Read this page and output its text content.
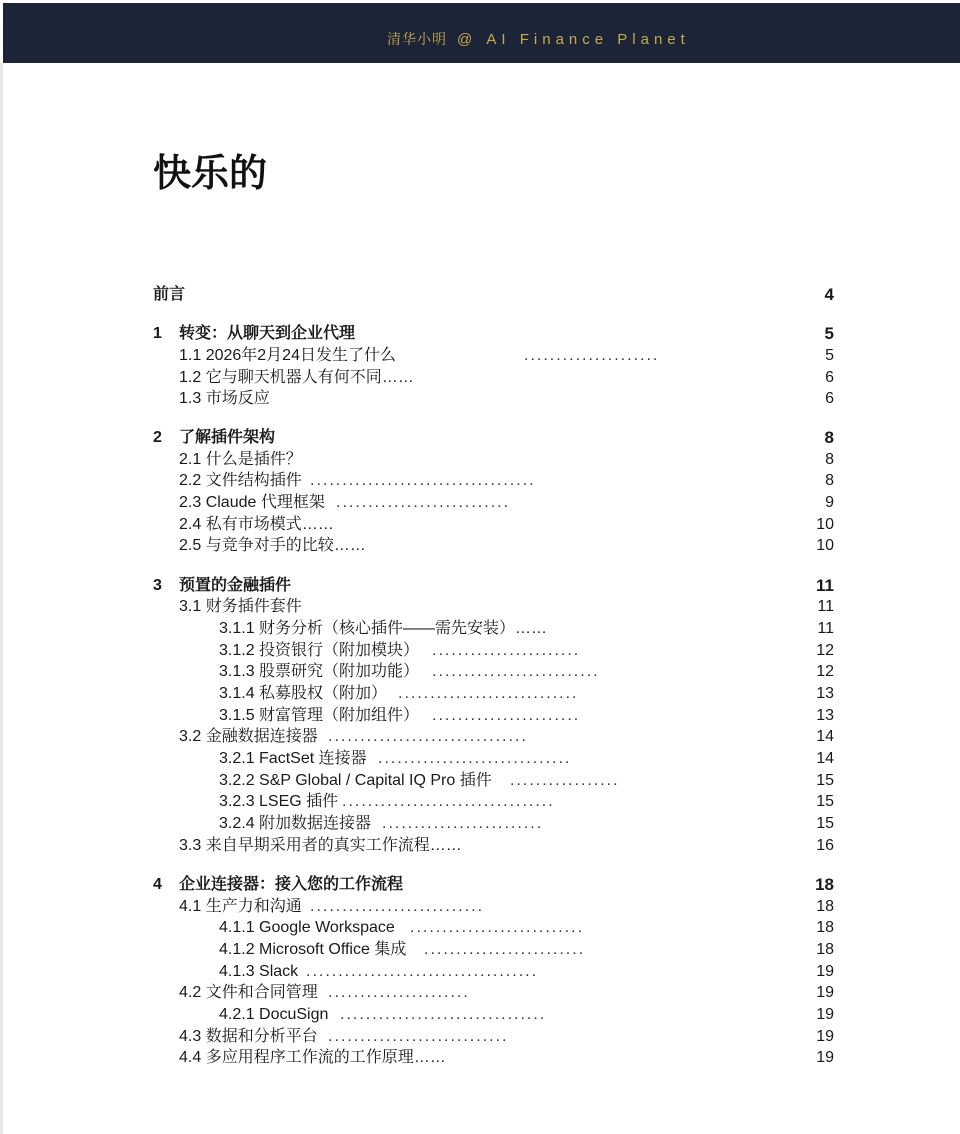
清华小明 @ AI Finance Planet
快乐的
前言	4
1 转变：从聊天到企业代理	5
1.1 2026年2月24日发生了什么	.....................	5
1.2 它与聊天机器人有何不同……	6
1.3 市场反应	6
2 了解插件架构	8
2.1 什么是插件？	8
2.2 文件结构插件 ...................................	8
2.3 Claude 代理框架 ...........................	9
2.4 私有市场模式……	10
2.5 与竞争对手的比较……	10
3 预置的金融插件	11
3.1 财务插件套件	11
3.1.1 财务分析（核心插件——需先安装）……	11
3.1.2 投资银行（附加模块） .......................	12
3.1.3 股票研究（附加功能） ..........................	12
3.1.4 私募股权（附加） ............................	13
3.1.5 财富管理（附加组件） .......................	13
3.2 金融数据连接器 ...............................	14
3.2.1 FactSet 连接器 ..............................	14
3.2.2 S&P Global / Capital IQ Pro 插件 .................	15
3.2.3 LSEG 插件 .................................	15
3.2.4 附加数据连接器 .........................	15
3.3 来自早期采用者的真实工作流程……	16
4 企业连接器：接入您的工作流程	18
4.1 生产力和沟通 ...........................	18
4.1.1 Google Workspace ...........................	18
4.1.2 Microsoft Office 集成 .........................	18
4.1.3 Slack ....................................	19
4.2 文件和合同管理 ......................	19
4.2.1 DocuSign ................................	19
4.3 数据和分析平台 ............................	19
4.4 多应用程序工作流的工作原理……	19
